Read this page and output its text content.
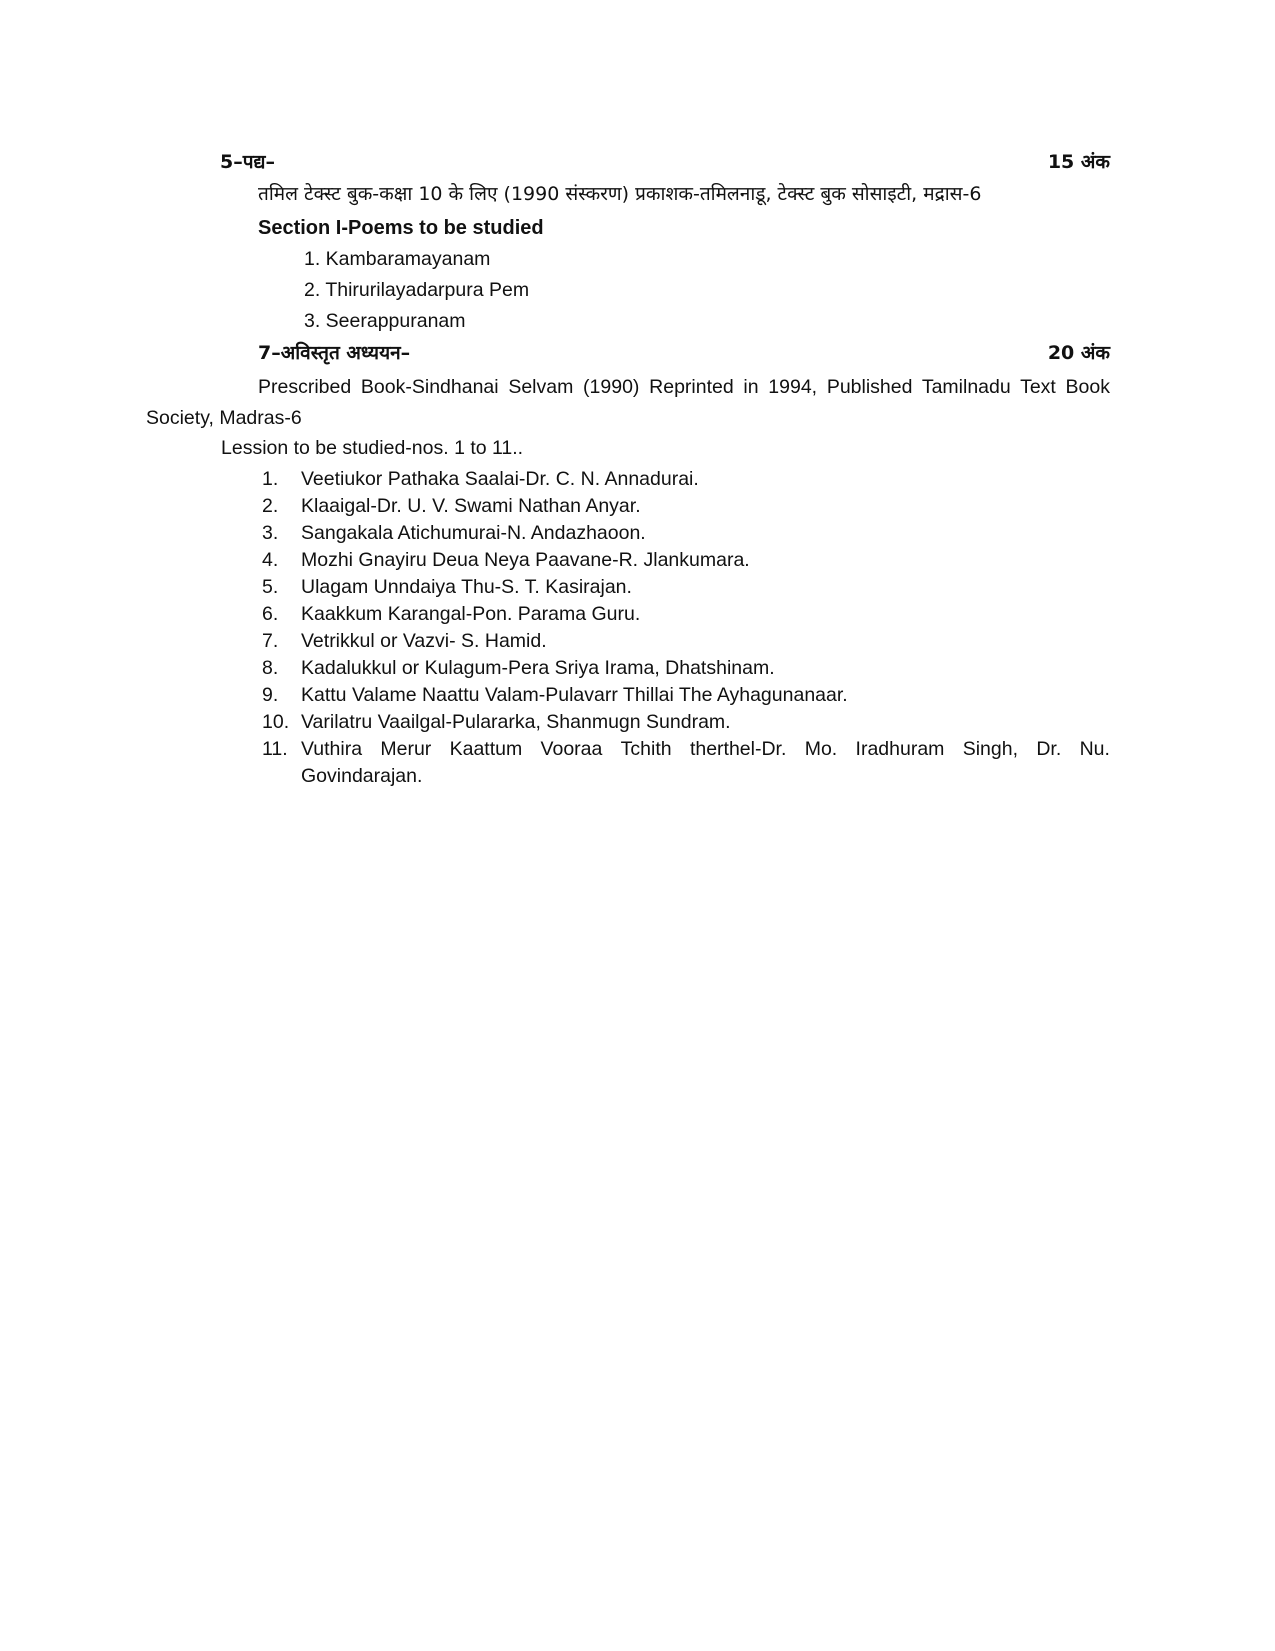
5–पद्य–	15 अंक
तमिल टेक्स्ट बुक-कक्षा 10 के लिए (1990 संस्करण) प्रकाशक-तमिलनाडू, टेक्स्ट बुक सोसाइटी, मद्रास-6
Section I-Poems to be studied
1. Kambaramayanam
2. Thirurilayadarpura Pem
3. Seerappuranam
7–अविस्तृत अध्ययन–	20 अंक
Prescribed Book-Sindhanai Selvam (1990) Reprinted in 1994, Published Tamilnadu Text Book
Society, Madras-6
Lession to be studied-nos. 1 to 11..
1.	Veetiukor Pathaka Saalai-Dr. C. N. Annadurai.
2.	Klaaigal-Dr. U. V. Swami Nathan Anyar.
3.	Sangakala Atichumurai-N. Andazhaoon.
4.	Mozhi Gnayiru Deua Neya Paavane-R. Jlankumara.
5.	Ulagam Unndaiya Thu-S. T. Kasirajan.
6.	Kaakkum Karangal-Pon. Parama Guru.
7.	Vetrikkul or Vazvi- S. Hamid.
8.	Kadalukkul or Kulagum-Pera Sriya Irama, Dhatshinam.
9.	Kattu Valame Naattu Valam-Pulavarr Thillai The Ayhagunanaar.
10. Varilatru Vaailgal-Pulararka, Shanmugn Sundram.
11. Vuthira Merur Kaattum Vooraa Tchith therthel-Dr. Mo. Iradhuram Singh, Dr. Nu.
Govindarajan.
